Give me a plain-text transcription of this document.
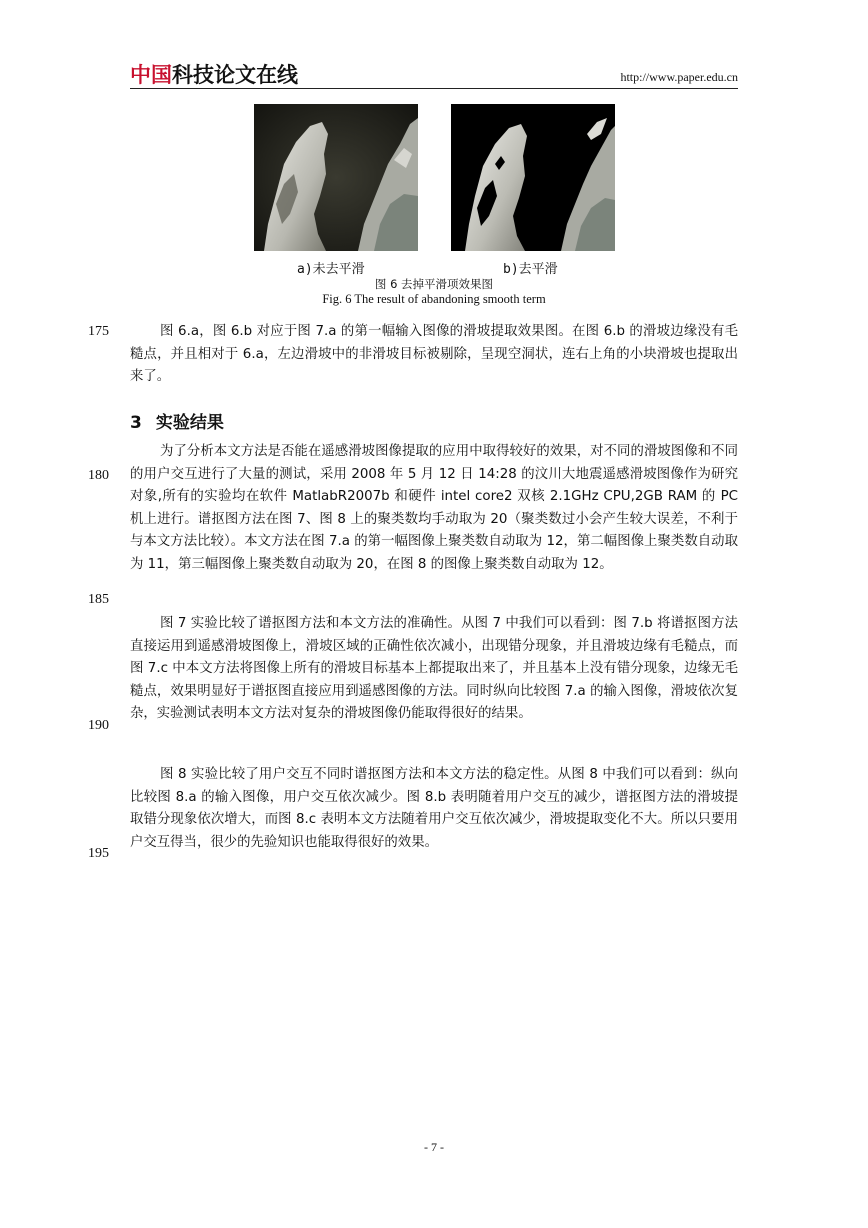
中国科技论文在线	http://www.paper.edu.cn
a)未去平滑	b)去平滑
图 6 去掉平滑项效果图
Fig. 6 The result of abandoning smooth term
175	图 6.a，图 6.b 对应于图 7.a 的第一幅输入图像的滑坡提取效果图。在图 6.b 的滑坡边缘没有毛糙点，并且相对于 6.a，左边滑坡中的非滑坡目标被剔除，呈现空洞状，连右上角的小块滑坡也提取出来了。

3 实验结果
180
185

为了分析本文方法是否能在遥感滑坡图像提取的应用中取得较好的效果，对不同的滑坡图像和不同的用户交互进行了大量的测试，采用 2008 年 5 月 12 日 14:28 的汶川大地震遥感滑坡图像作为研究对象,所有的实验均在软件 MatlabR2007b 和硬件 intel core2 双核 2.1GHz CPU,2GB RAM 的 PC 机上进行。谱抠图方法在图 7、图 8 上的聚类数均手动取为 20（聚类数过小会产生较大误差，不利于与本文方法比较）。本文方法在图 7.a 的第一幅图像上聚类数自动取为 12，第二幅图像上聚类数自动取为 11，第三幅图像上聚类数自动取为 20，在图 8 的图像上聚类数自动取为 12。

190

图 7 实验比较了谱抠图方法和本文方法的准确性。从图 7 中我们可以看到：图 7.b 将谱抠图方法直接运用到遥感滑坡图像上，滑坡区域的正确性依次减小，出现错分现象，并且滑坡边缘有毛糙点，而图 7.c 中本文方法将图像上所有的滑坡目标基本上都提取出来了，并且基本上没有错分现象，边缘无毛糙点，效果明显好于谱抠图直接应用到遥感图像的方法。同时纵向比较图 7.a 的输入图像，滑坡依次复杂，实验测试表明本文方法对复杂的滑坡图像仍能取得很好的结果。

195

图 8 实验比较了用户交互不同时谱抠图方法和本文方法的稳定性。从图 8 中我们可以看到：纵向比较图 8.a 的输入图像，用户交互依次减少。图 8.b 表明随着用户交互的减少，谱抠图方法的滑坡提取错分现象依次增大，而图 8.c 表明本文方法随着用户交互依次减少，滑坡提取变化不大。所以只要用户交互得当，很少的先验知识也能取得很好的效果。

- 7 -
